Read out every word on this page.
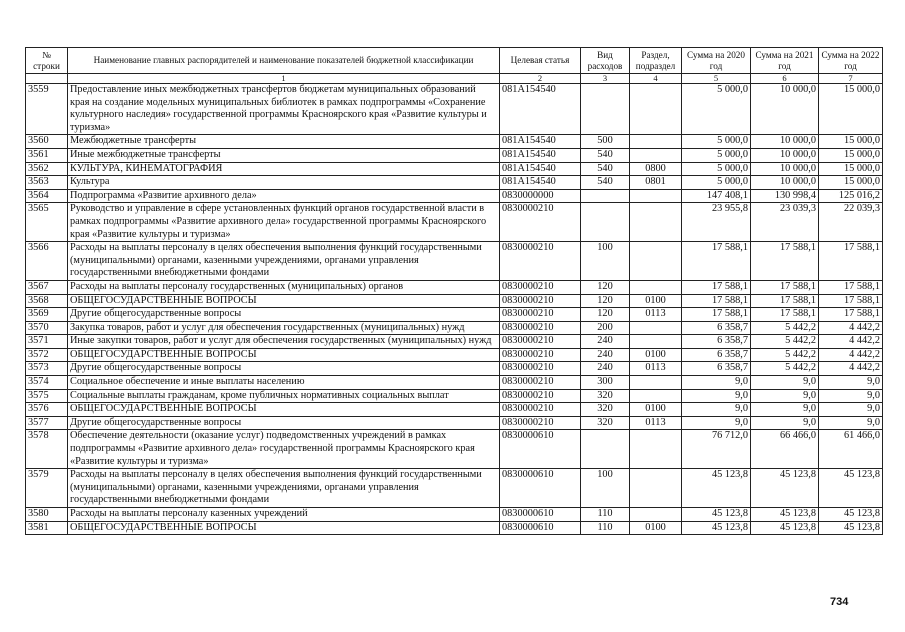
№ строки	Наименование главных распорядителей и наименование показателей бюджетной классификации	Целевая статья	Вид расходов	Раздел, подраздел	Сумма на 2020 год	Сумма на 2021 год	Сумма на 2022 год
	1	2	3	4	5	6	7
3559	Предоставление иных межбюджетных трансфертов бюджетам муниципальных образований края на создание модельных муниципальных библиотек в рамках подпрограммы «Сохранение культурного наследия» государственной программы Красноярского края «Развитие культуры и туризма»	081A154540			5 000,0	10 000,0	15 000,0
3560	Межбюджетные трансферты	081A154540	500		5 000,0	10 000,0	15 000,0
3561	Иные межбюджетные трансферты	081A154540	540		5 000,0	10 000,0	15 000,0
3562	КУЛЬТУРА, КИНЕМАТОГРАФИЯ	081A154540	540	0800	5 000,0	10 000,0	15 000,0
3563	Культура	081A154540	540	0801	5 000,0	10 000,0	15 000,0
3564	Подпрограмма «Развитие архивного дела»	0830000000			147 408,1	130 998,4	125 016,2
3565	Руководство и управление в сфере установленных функций органов государственной власти в рамках подпрограммы «Развитие архивного дела» государственной программы Красноярского края «Развитие культуры и туризма»	0830000210			23 955,8	23 039,3	22 039,3
3566	Расходы на выплаты персоналу в целях обеспечения выполнения функций государственными (муниципальными) органами, казенными учреждениями, органами управления государственными внебюджетными фондами	0830000210	100		17 588,1	17 588,1	17 588,1
3567	Расходы на выплаты персоналу государственных (муниципальных) органов	0830000210	120		17 588,1	17 588,1	17 588,1
3568	ОБЩЕГОСУДАРСТВЕННЫЕ ВОПРОСЫ	0830000210	120	0100	17 588,1	17 588,1	17 588,1
3569	Другие общегосударственные вопросы	0830000210	120	0113	17 588,1	17 588,1	17 588,1
3570	Закупка товаров, работ и услуг для обеспечения государственных (муниципальных) нужд	0830000210	200		6 358,7	5 442,2	4 442,2
3571	Иные закупки товаров, работ и услуг для обеспечения государственных (муниципальных) нужд	0830000210	240		6 358,7	5 442,2	4 442,2
3572	ОБЩЕГОСУДАРСТВЕННЫЕ ВОПРОСЫ	0830000210	240	0100	6 358,7	5 442,2	4 442,2
3573	Другие общегосударственные вопросы	0830000210	240	0113	6 358,7	5 442,2	4 442,2
3574	Социальное обеспечение и иные выплаты населению	0830000210	300		9,0	9,0	9,0
3575	Социальные выплаты гражданам, кроме публичных нормативных социальных выплат	0830000210	320		9,0	9,0	9,0
3576	ОБЩЕГОСУДАРСТВЕННЫЕ ВОПРОСЫ	0830000210	320	0100	9,0	9,0	9,0
3577	Другие общегосударственные вопросы	0830000210	320	0113	9,0	9,0	9,0
3578	Обеспечение деятельности (оказание услуг) подведомственных учреждений в рамках подпрограммы «Развитие архивного дела» государственной программы Красноярского края «Развитие культуры и туризма»	0830000610			76 712,0	66 466,0	61 466,0
3579	Расходы на выплаты персоналу в целях обеспечения выполнения функций государственными (муниципальными) органами, казенными учреждениями, органами управления государственными внебюджетными фондами	0830000610	100		45 123,8	45 123,8	45 123,8
3580	Расходы на выплаты персоналу казенных учреждений	0830000610	110		45 123,8	45 123,8	45 123,8
3581	ОБЩЕГОСУДАРСТВЕННЫЕ ВОПРОСЫ	0830000610	110	0100	45 123,8	45 123,8	45 123,8
734
